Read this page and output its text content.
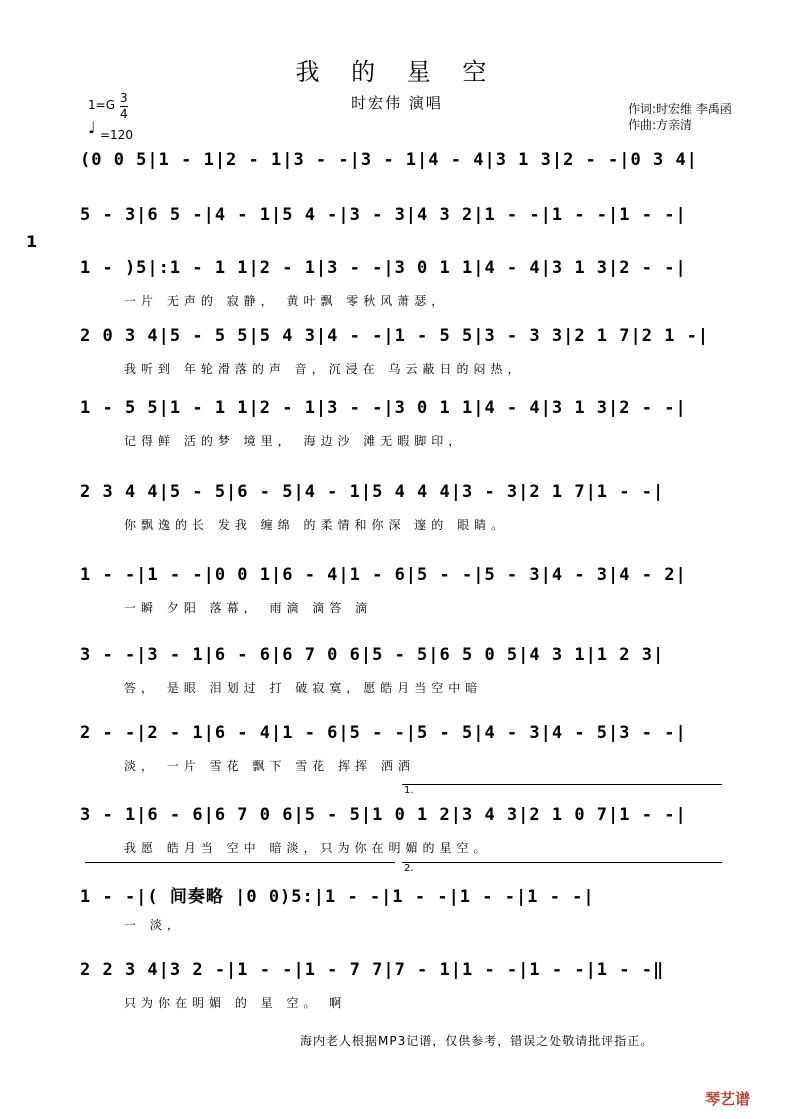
我 的 星 空
时宏伟 演唱	作词:时宏维 李禹函
作曲:方亲清
$1=G \frac{3}{4}$
♩ =120
1
(0 0 5|1 - 1|2 - 1|3 - -|3 - 1|4 - 4|3 1 3|2 - -|0 3 4|
5 - 3|6 5 -|4 - 1|5 4 -|3 - 3|4 3 2|1 - -|1 - -|1 - -|
1 - )5|:1 - 1 1|2 - 1|3 - -|3 0 1 1|4 - 4|3 1 3|2 - -|
一片 无声的 寂静， 黄叶飘 零秋风萧瑟，
2 0 3 4|5 - 5 5|5 4 3|4 - -|1 - 5 5|3 - 3 3|2 1 7|2 1 -|
我听到 年轮滑落的声 音，沉浸在 乌云蔽日的闷热，
1 - 5 5|1 - 1 1|2 - 1|3 - -|3 0 1 1|4 - 4|3 1 3|2 - -|
记得鲜 活的梦 境里， 海边沙 滩无暇脚印，
2 3 4 4|5 - 5|6 - 5|4 - 1|5 4 4 4|3 - 3|2 1 7|1 - -|
你飘逸的长 发我 缠绵 的柔情和你深 邃的 眼睛。
1 - -|1 - -|0 0 1|6 - 4|1 - 6|5 - -|5 - 3|4 - 3|4 - 2|
一瞬 夕阳 落幕， 雨滴 滴答 滴
3 - -|3 - 1|6 - 6|6 7 0 6|5 - 5|6 5 0 5|4 3 1|1 2 3|
答， 是眼 泪划过 打 破寂寞，愿皓月当空中暗
2 - -|2 - 1|6 - 4|1 - 6|5 - -|5 - 5|4 - 3|4 - 5|3 - -|
淡， 一片 雪花 飘下 雪花 挥挥 洒洒
3 - 1|6 - 6|6 7 0 6|5 - 5|1 0 1 2|3 4 3|2 1 0 7|1 - -|
我愿 皓月当 空中 暗淡，只为你在明媚的星空。
1 - -|( 间奏略 |0 0)5:|1 - -|1 - -|1 - -|1 - -|
一 淡，
2 2 3 4|3 2 -|1 - -|1 - 7 7|7 - 1|1 - -|1 - -|1 - -‖
只为你在明媚 的 星 空。 啊
1.
2.
海内老人根据MP3记谱，仅供参考，错误之处敬请批评指正。
琴艺谱
